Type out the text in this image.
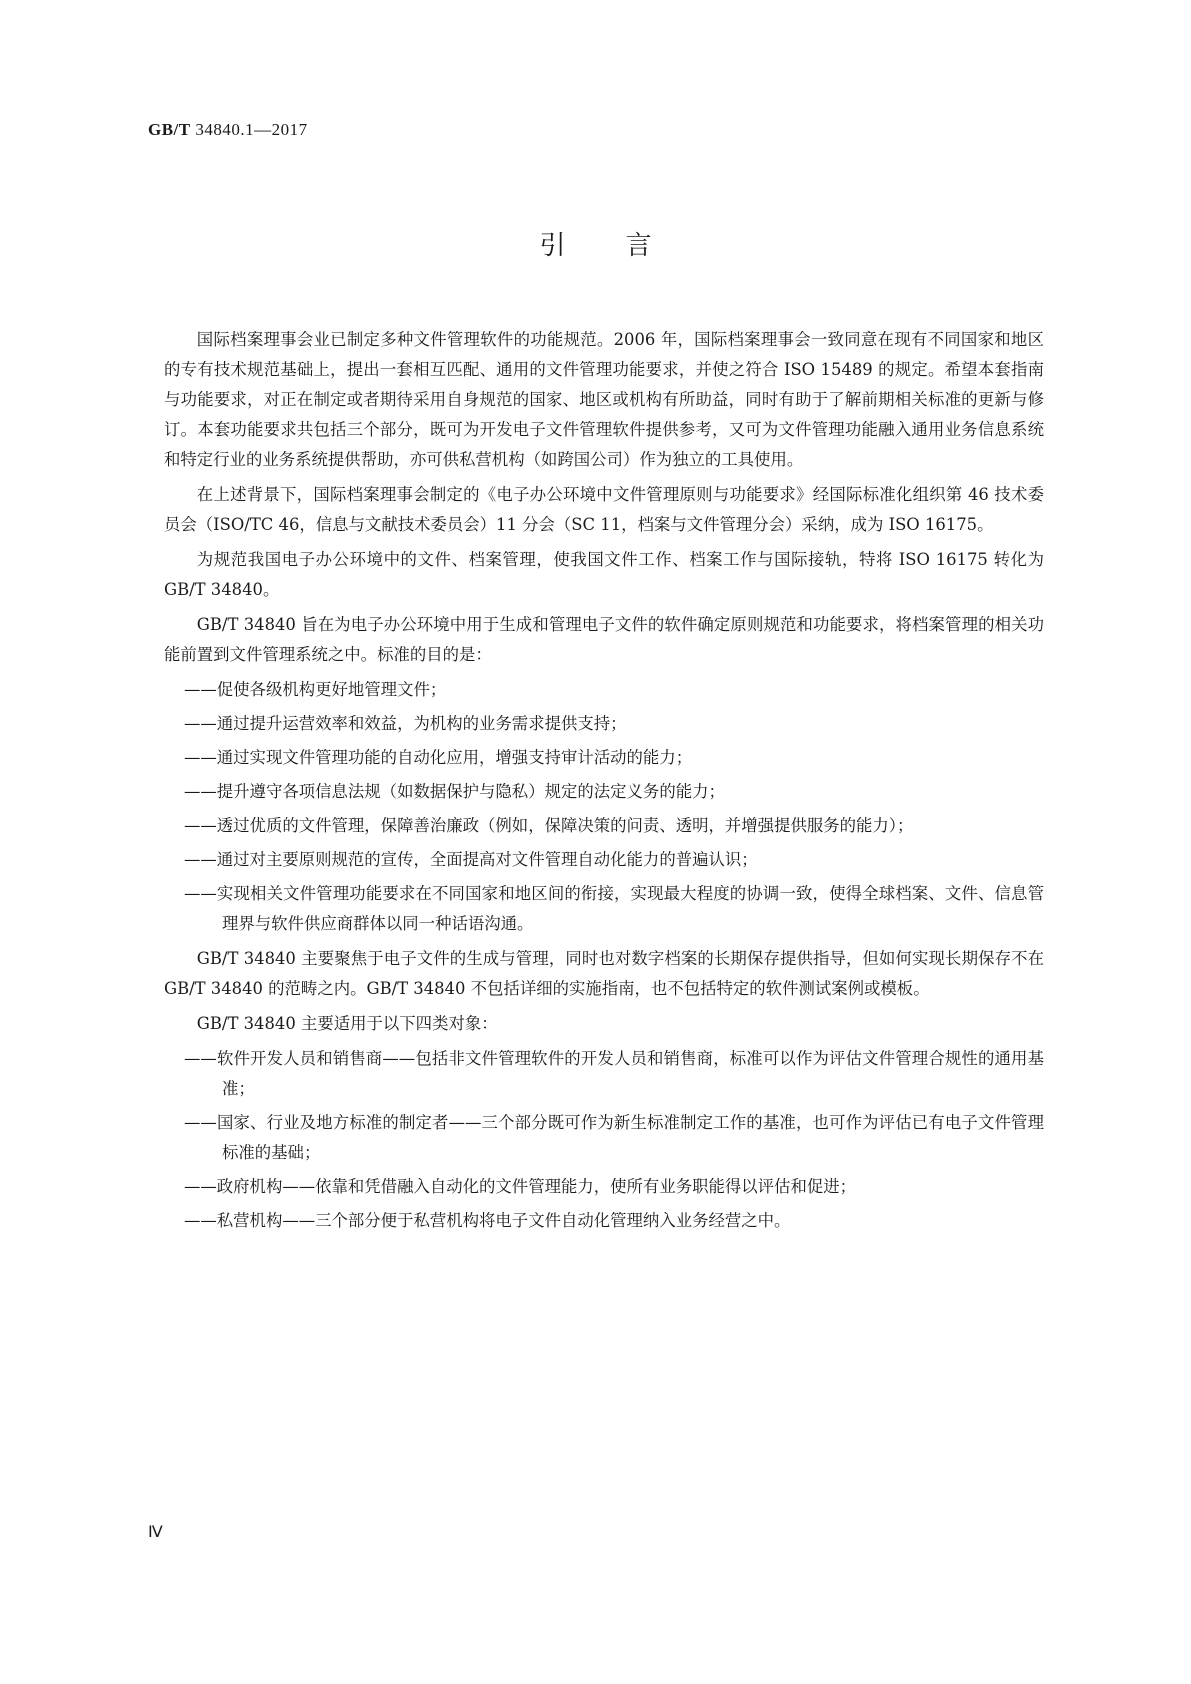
GB/T 34840.1—2017
引言

国际档案理事会业已制定多种文件管理软件的功能规范。2006 年，国际档案理事会一致同意在现有不同国家和地区的专有技术规范基础上，提出一套相互匹配、通用的文件管理功能要求，并使之符合 ISO 15489 的规定。希望本套指南与功能要求，对正在制定或者期待采用自身规范的国家、地区或机构有所助益，同时有助于了解前期相关标准的更新与修订。本套功能要求共包括三个部分，既可为开发电子文件管理软件提供参考，又可为文件管理功能融入通用业务信息系统和特定行业的业务系统提供帮助，亦可供私营机构（如跨国公司）作为独立的工具使用。

在上述背景下，国际档案理事会制定的《电子办公环境中文件管理原则与功能要求》经国际标准化组织第 46 技术委员会（ISO/TC 46，信息与文献技术委员会）11 分会（SC 11，档案与文件管理分会）采纳，成为 ISO 16175。

为规范我国电子办公环境中的文件、档案管理，使我国文件工作、档案工作与国际接轨，特将 ISO 16175 转化为 GB/T 34840。

GB/T 34840 旨在为电子办公环境中用于生成和管理电子文件的软件确定原则规范和功能要求，将档案管理的相关功能前置到文件管理系统之中。标准的目的是：

——促使各级机构更好地管理文件；
——通过提升运营效率和效益，为机构的业务需求提供支持；
——通过实现文件管理功能的自动化应用，增强支持审计活动的能力；
——提升遵守各项信息法规（如数据保护与隐私）规定的法定义务的能力；
——透过优质的文件管理，保障善治廉政（例如，保障决策的问责、透明，并增强提供服务的能力）；
——通过对主要原则规范的宣传，全面提高对文件管理自动化能力的普遍认识；
——实现相关文件管理功能要求在不同国家和地区间的衔接，实现最大程度的协调一致，使得全球档案、文件、信息管理界与软件供应商群体以同一种话语沟通。

GB/T 34840 主要聚焦于电子文件的生成与管理，同时也对数字档案的长期保存提供指导，但如何实现长期保存不在 GB/T 34840 的范畴之内。GB/T 34840 不包括详细的实施指南，也不包括特定的软件测试案例或模板。

GB/T 34840 主要适用于以下四类对象：

——软件开发人员和销售商——包括非文件管理软件的开发人员和销售商，标准可以作为评估文件管理合规性的通用基准；
——国家、行业及地方标准的制定者——三个部分既可作为新生标准制定工作的基准，也可作为评估已有电子文件管理标准的基础；
——政府机构——依靠和凭借融入自动化的文件管理能力，使所有业务职能得以评估和促进；
——私营机构——三个部分便于私营机构将电子文件自动化管理纳入业务经营之中。
Ⅳ
